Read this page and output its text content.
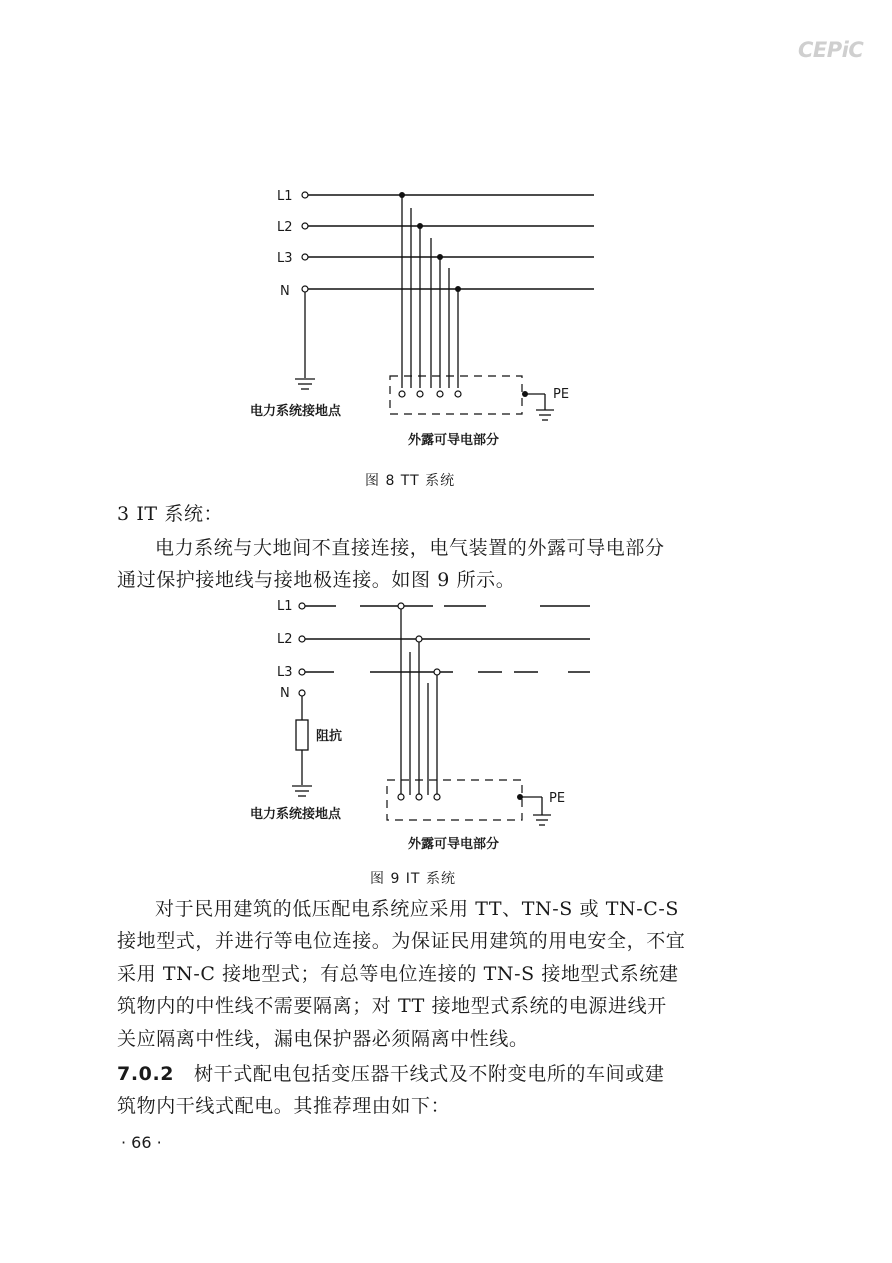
CEPiC
L1
L2
L3
N
PE
电力系统接地点
外露可导电部分
图 8 TT 系统
3 IT 系统：
电力系统与大地间不直接连接，电气装置的外露可导电部分
通过保护接地线与接地极连接。如图 9 所示。
L1
L2
L3
N
阻抗
PE
电力系统接地点
外露可导电部分
图 9 IT 系统
对于民用建筑的低压配电系统应采用 TT、TN-S 或 TN-C-S
接地型式，并进行等电位连接。为保证民用建筑的用电安全，不宜
采用 TN-C 接地型式；有总等电位连接的 TN-S 接地型式系统建
筑物内的中性线不需要隔离；对 TT 接地型式系统的电源进线开
关应隔离中性线，漏电保护器必须隔离中性线。
7.0.2 树干式配电包括变压器干线式及不附变电所的车间或建
筑物内干线式配电。其推荐理由如下：
· 66 ·
